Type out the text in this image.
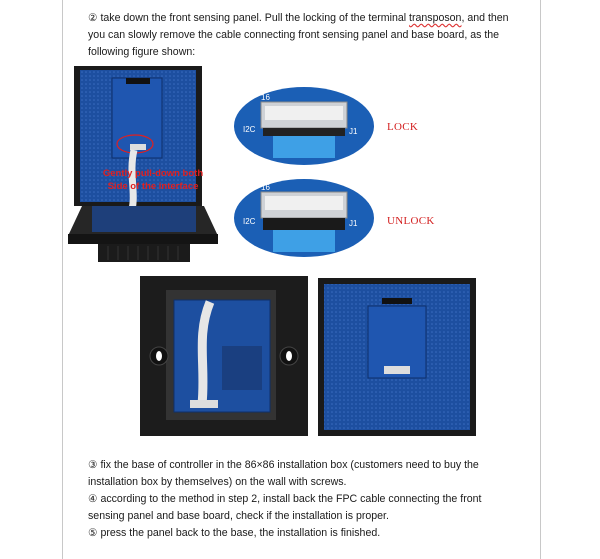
② take down the front sensing panel. Pull the locking of the terminal transposon, and then

you can slowly remove the cable connecting front sensing panel and base board, as the

following figure shown:

Gently pull-down both
Side of the interface
16
I2C	J1	LOCK
16
I2C	J1	UNLOCK

③ fix the base of controller in the 86×86 installation box (customers need to buy the

installation box by themselves) on the wall with screws.

④ according to the method in step 2, install back the FPC cable connecting the front

sensing panel and base board, check if the installation is proper.

⑤ press the panel back to the base, the installation is finished.
